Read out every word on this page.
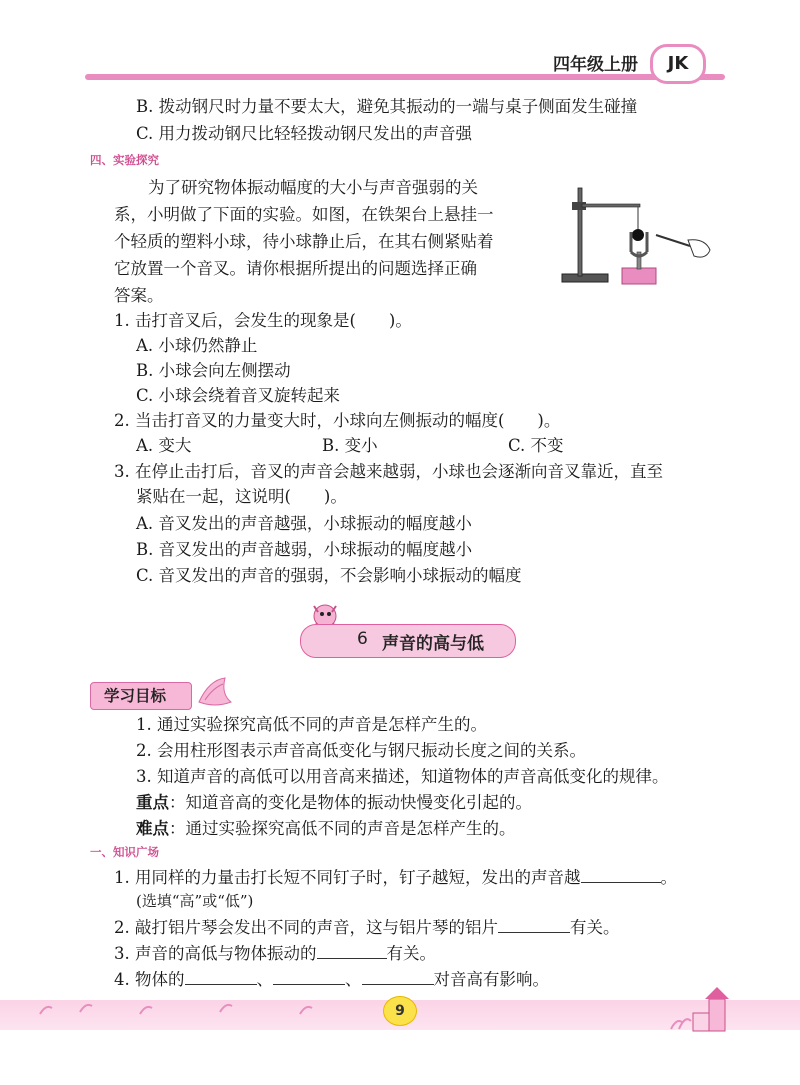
四年级上册	JK
B. 拨动钢尺时力量不要太大，避免其振动的一端与桌子侧面发生碰撞
C. 用力拨动钢尺比轻轻拨动钢尺发出的声音强
四、实验探究
为了研究物体振动幅度的大小与声音强弱的关
系，小明做了下面的实验。如图，在铁架台上悬挂一
个轻质的塑料小球，待小球静止后，在其右侧紧贴着
它放置一个音叉。请你根据所提出的问题选择正确
答案。
1. 击打音叉后，会发生的现象是(　　)。
A. 小球仍然静止
B. 小球会向左侧摆动
C. 小球会绕着音叉旋转起来
2. 当击打音叉的力量变大时，小球向左侧振动的幅度(　　)。
A. 变大	B. 变小	C. 不变
3. 在停止击打后，音叉的声音会越来越弱，小球也会逐渐向音叉靠近，直至
紧贴在一起，这说明(　　)。
A. 音叉发出的声音越强，小球振动的幅度越小
B. 音叉发出的声音越弱，小球振动的幅度越小
C. 音叉发出的声音的强弱，不会影响小球振动的幅度
6 声音的高与低
学习目标
1. 通过实验探究高低不同的声音是怎样产生的。
2. 会用柱形图表示声音高低变化与钢尺振动长度之间的关系。
3. 知道声音的高低可以用音高来描述，知道物体的声音高低变化的规律。
重点：知道音高的变化是物体的振动快慢变化引起的。
难点：通过实验探究高低不同的声音是怎样产生的。
一、知识广场
1. 用同样的力量击打长短不同钉子时，钉子越短，发出的声音越	。
(选填“高”或“低”)
2. 敲打铝片琴会发出不同的声音，这与铝片琴的铝片	有关。
3. 声音的高低与物体振动的	有关。
4. 物体的	、	、	对音高有影响。
9
